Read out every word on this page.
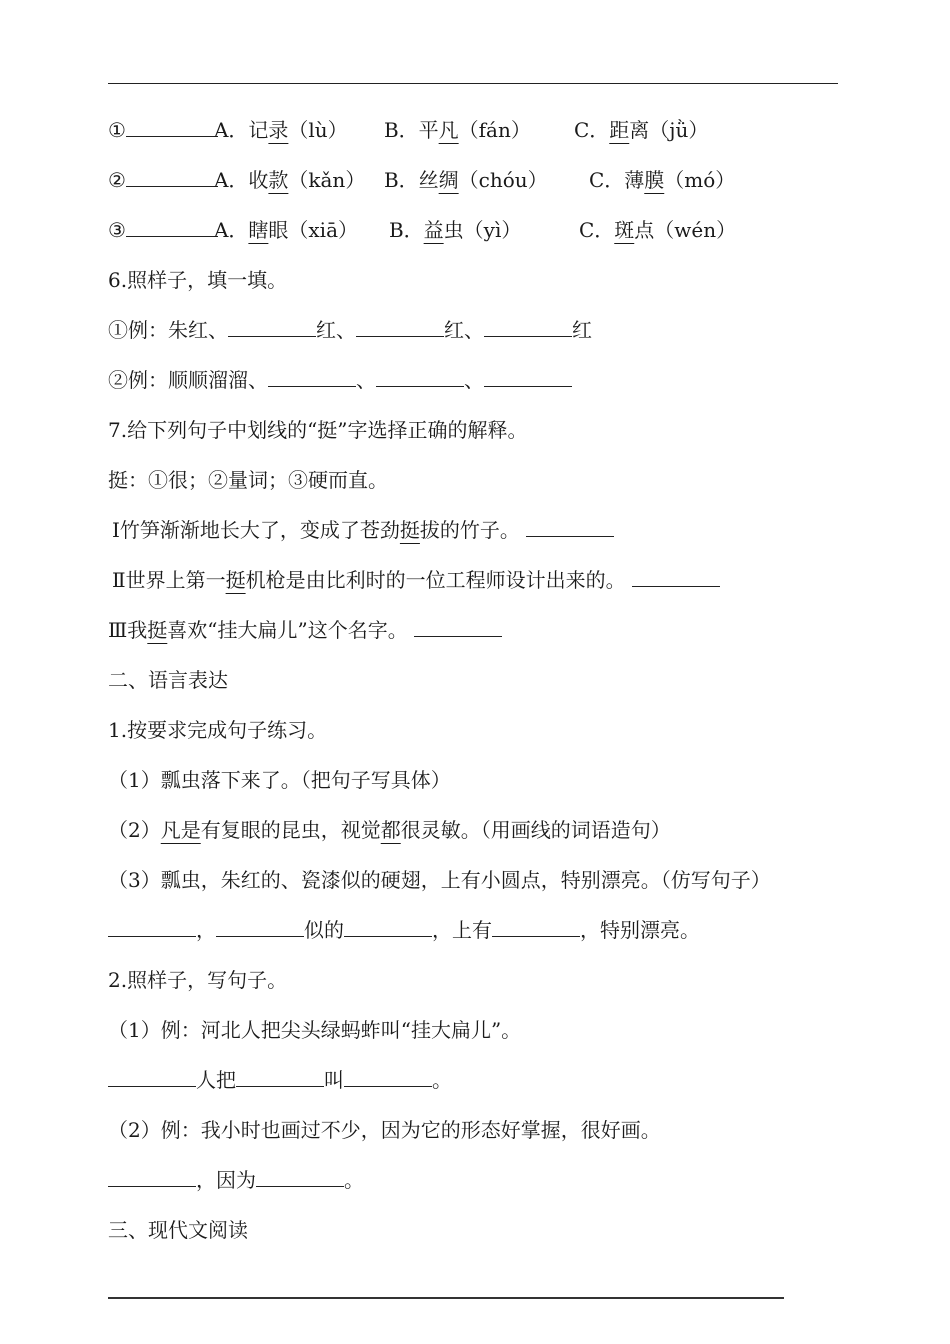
①	A．记录（lù） B．平凡（fán） C．距离（jǜ）
②	A．收款（kǎn） B．丝绸（chóu） C．薄膜（mó）
③	A．瞎眼（xiā） B．益虫（yì）	C．斑点（wén）
6.照样子，填一填。
①例：朱红、	红、	红、	红
②例：顺顺溜溜、	、	、
7.给下列句子中划线的“挺”字选择正确的解释。
挺：①很；②量词；③硬而直。
Ⅰ竹笋渐渐地长大了，变成了苍劲挺拔的竹子。
Ⅱ世界上第一挺机枪是由比利时的一位工程师设计出来的。
Ⅲ我挺喜欢“挂大扁儿”这个名字。
二、语言表达
1.按要求完成句子练习。
（1）瓢虫落下来了。（把句子写具体）
（2）凡是有复眼的昆虫，视觉都很灵敏。（用画线的词语造句）
（3）瓢虫，朱红的、瓷漆似的硬翅，上有小圆点，特别漂亮。（仿写句子）
，	似的	，上有	，特别漂亮。
2.照样子，写句子。
（1）例：河北人把尖头绿蚂蚱叫“挂大扁儿”。
人把	叫	。
（2）例：我小时也画过不少，因为它的形态好掌握，很好画。
，因为	。
三、现代文阅读
